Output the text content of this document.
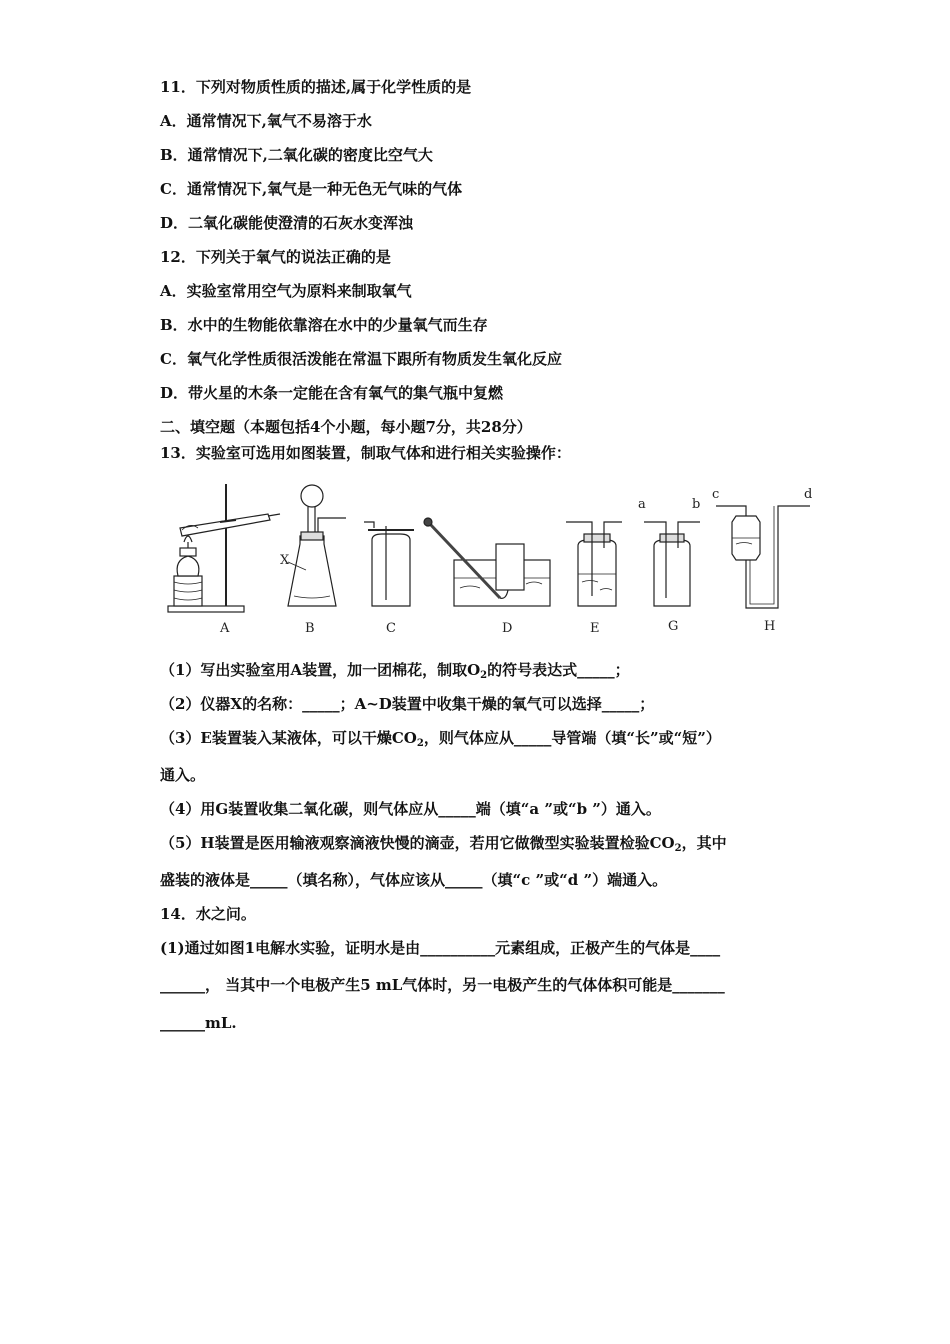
11．下列对物质性质的描述,属于化学性质的是
A．通常情况下,氧气不易溶于水
B．通常情况下,二氧化碳的密度比空气大
C．通常情况下,氧气是一种无色无气味的气体
D．二氧化碳能使澄清的石灰水变浑浊
12．下列关于氧气的说法正确的是
A．实验室常用空气为原料来制取氧气
B．水中的生物能依靠溶在水中的少量氧气而生存
C．氧气化学性质很活泼能在常温下跟所有物质发生氧化反应
D．带火星的木条一定能在含有氧气的集气瓶中复燃
二、填空题（本题包括4个小题，每小题7分，共28分）
13．实验室可选用如图装置，制取气体和进行相关实验操作：
a	b
c	d
X
A	B	C	D	E	G	H
（1）写出实验室用A装置，加一团棉花，制取$O_2$的符号表达式_____；
（2）仪器X的名称：_____；A~D装置中收集干燥的氧气可以选择_____；
（3）E装置装入某液体，可以干燥$CO_2$，则气体应从_____导管端（填“长”或“短”）
通入。
（4）用G装置收集二氧化碳，则气体应从_____端（填“a ”或“b ”）通入。
（5）H装置是医用输液观察滴液快慢的滴壶，若用它做微型实验装置检验$CO_2$，其中
盛装的液体是_____（填名称），气体应该从_____（填“c ”或“d ”）端通入。
14．水之问。
(1)通过如图1电解水实验，证明水是由__________元素组成，正极产生的气体是____
______， 当其中一个电极产生5 mL气体时，另一电极产生的气体体积可能是_______
______mL.
